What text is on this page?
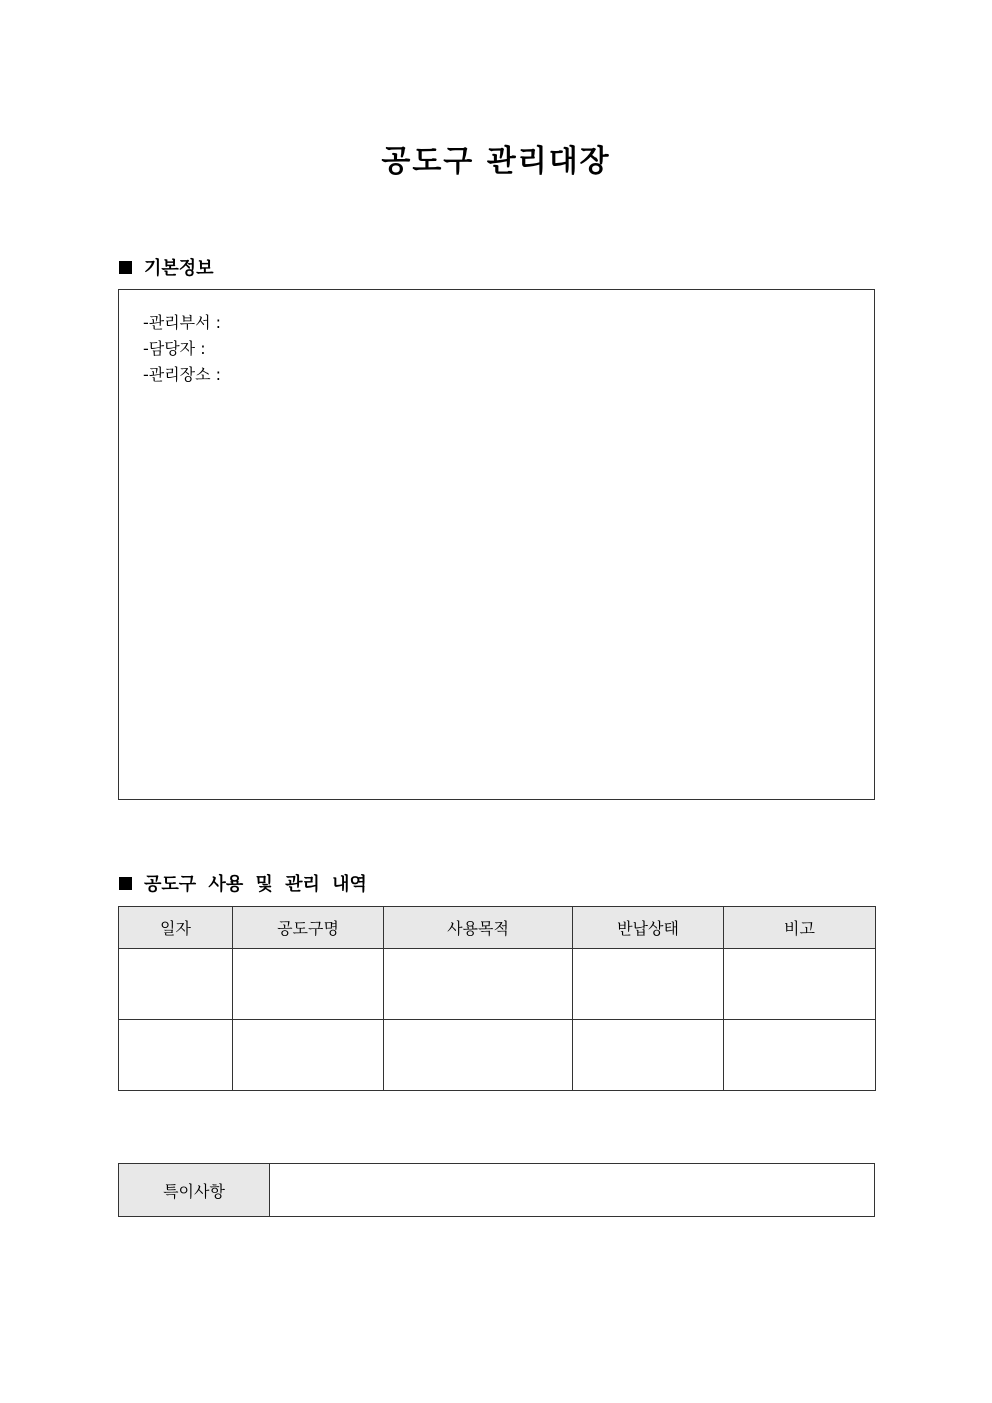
공도구 관리대장
기본정보
-관리부서 :
-담당자 :
-관리장소 :
공도구 사용 및 관리 내역
일자	공도구명	사용목적	반납상태	비고

특이사항	
